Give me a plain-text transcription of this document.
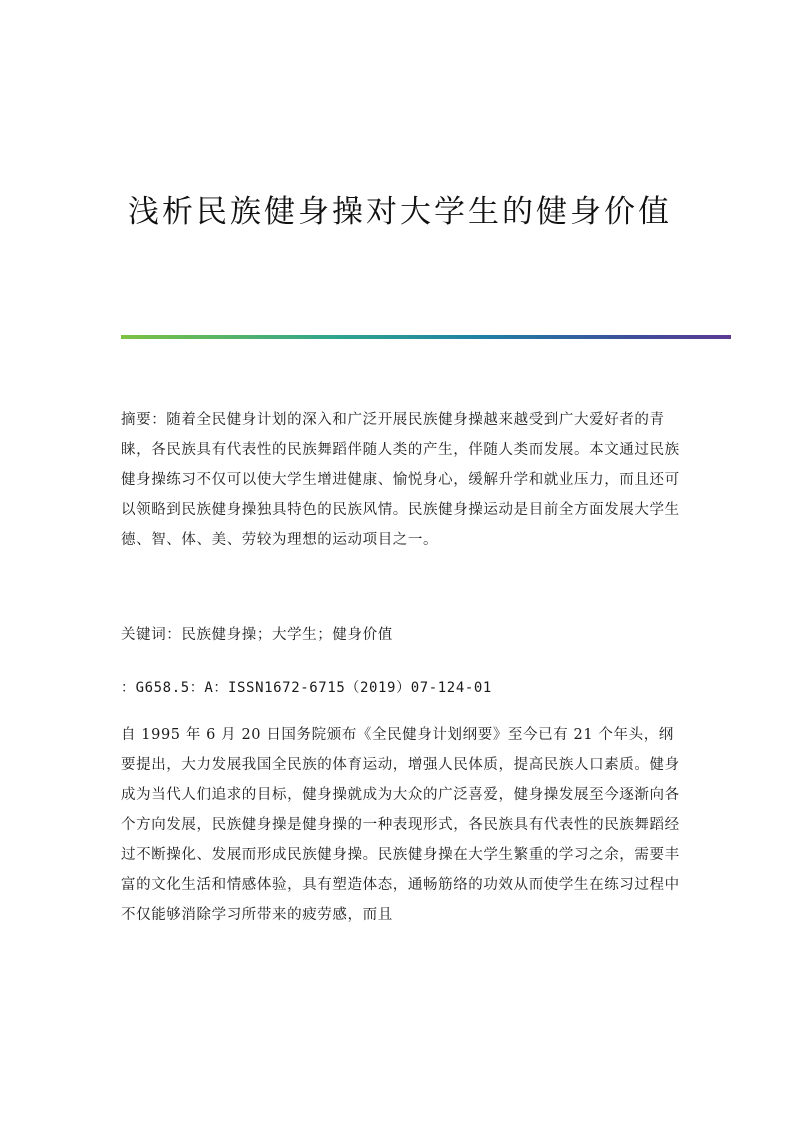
浅析民族健身操对大学生的健身价值

摘要：随着全民健身计划的深入和广泛开展民族健身操越来越受到广大爱好者的青睐，各民族具有代表性的民族舞蹈伴随人类的产生，伴随人类而发展。本文通过民族健身操练习不仅可以使大学生增进健康、愉悦身心，缓解升学和就业压力，而且还可以领略到民族健身操独具特色的民族风情。民族健身操运动是目前全方面发展大学生德、智、体、美、劳较为理想的运动项目之一。

关键词：民族健身操；大学生；健身价值

：G658.5：A：ISSN1672-6715（2019）07-124-01

自 1995 年 6 月 20 日国务院颁布《全民健身计划纲要》至今已有 21 个年头，纲要提出，大力发展我国全民族的体育运动，增强人民体质，提高民族人口素质。健身成为当代人们追求的目标，健身操就成为大众的广泛喜爱，健身操发展至今逐渐向各个方向发展，民族健身操是健身操的一种表现形式，各民族具有代表性的民族舞蹈经过不断操化、发展而形成民族健身操。民族健身操在大学生繁重的学习之余，需要丰富的文化生活和情感体验，具有塑造体态，通畅筋络的功效从而使学生在练习过程中不仅能够消除学习所带来的疲劳感，而且
